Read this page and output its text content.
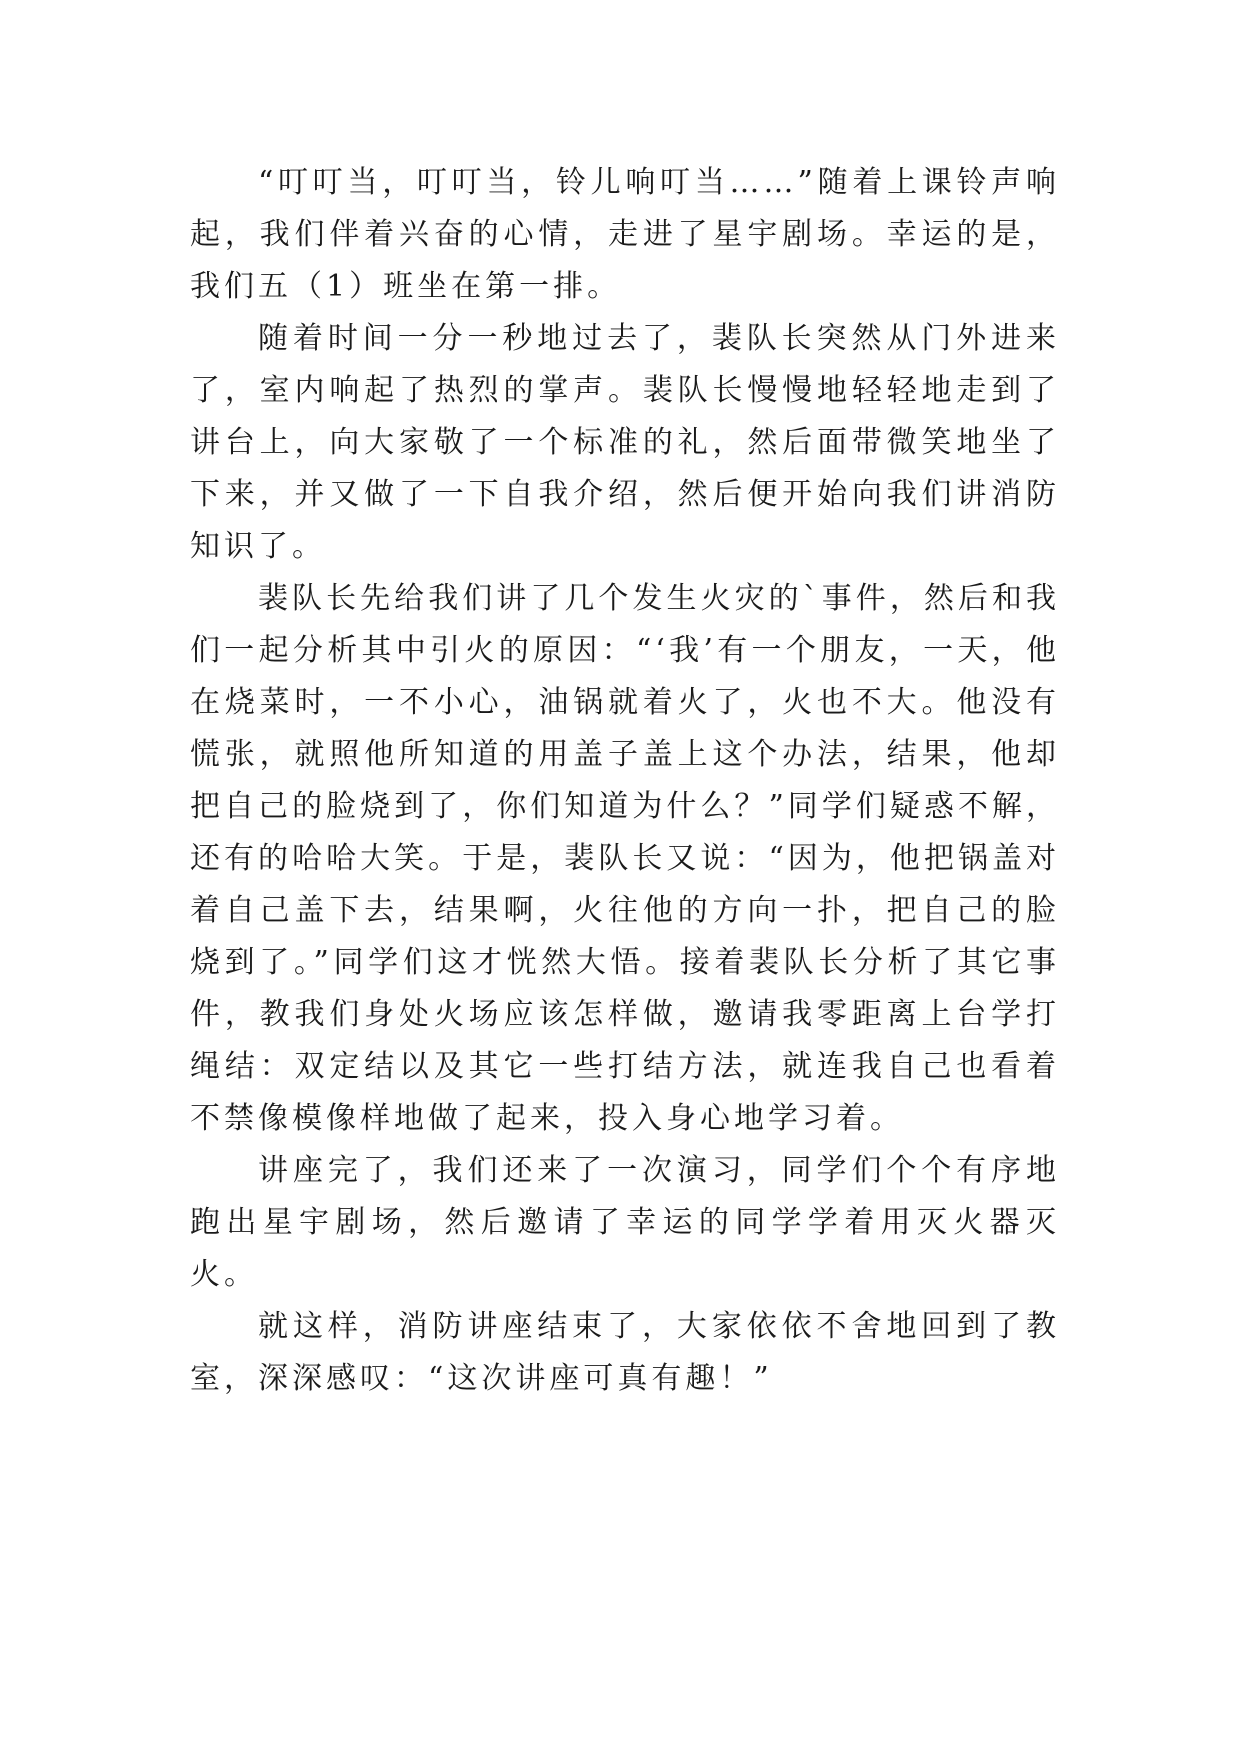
“叮叮当，叮叮当，铃儿响叮当……”随着上课铃声响起，我们伴着兴奋的心情，走进了星宇剧场。幸运的是，我们五（1）班坐在第一排。

随着时间一分一秒地过去了，裴队长突然从门外进来了，室内响起了热烈的掌声。裴队长慢慢地轻轻地走到了讲台上，向大家敬了一个标准的礼，然后面带微笑地坐了下来，并又做了一下自我介绍，然后便开始向我们讲消防知识了。

裴队长先给我们讲了几个发生火灾的`事件，然后和我们一起分析其中引火的原因：“‘我’有一个朋友，一天，他在烧菜时，一不小心，油锅就着火了，火也不大。他没有慌张，就照他所知道的用盖子盖上这个办法，结果，他却把自己的脸烧到了，你们知道为什么？”同学们疑惑不解，还有的哈哈大笑。于是，裴队长又说：“因为，他把锅盖对着自己盖下去，结果啊，火往他的方向一扑，把自己的脸烧到了。”同学们这才恍然大悟。接着裴队长分析了其它事件，教我们身处火场应该怎样做，邀请我零距离上台学打绳结：双定结以及其它一些打结方法，就连我自己也看着不禁像模像样地做了起来，投入身心地学习着。

讲座完了，我们还来了一次演习，同学们个个有序地跑出星宇剧场，然后邀请了幸运的同学学着用灭火器灭火。

就这样，消防讲座结束了，大家依依不舍地回到了教室，深深感叹：“这次讲座可真有趣！”
